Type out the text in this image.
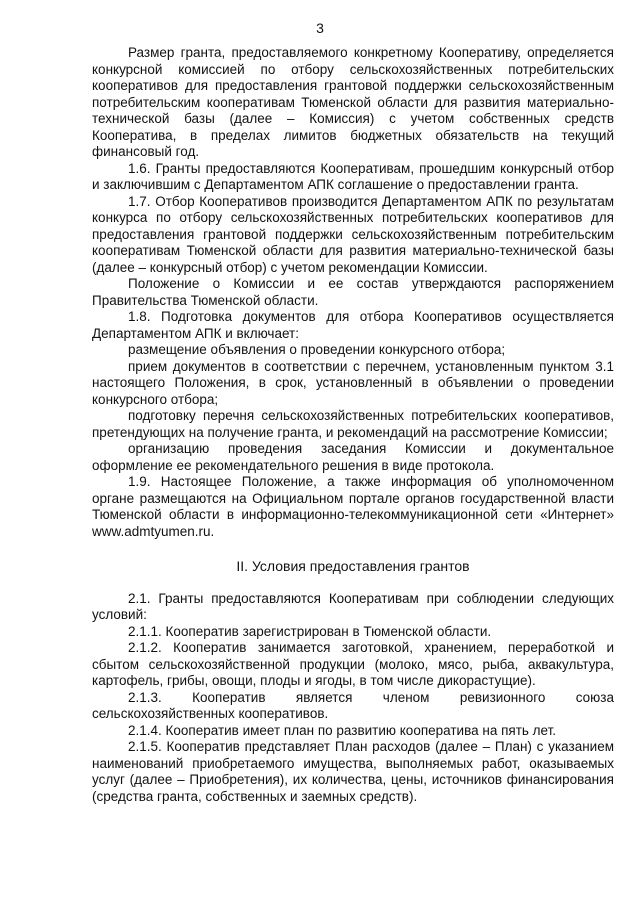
3

Размер гранта, предоставляемого конкретному Кооперативу, определяется конкурсной комиссией по отбору сельскохозяйственных потребительских кооперативов для предоставления грантовой поддержки сельскохозяйственным потребительским кооперативам Тюменской области для развития материально-технической базы (далее – Комиссия) с учетом собственных средств Кооператива, в пределах лимитов бюджетных обязательств на текущий финансовый год.

1.6. Гранты предоставляются Кооперативам, прошедшим конкурсный отбор и заключившим с Департаментом АПК соглашение о предоставлении гранта.

1.7. Отбор Кооперативов производится Департаментом АПК по результатам конкурса по отбору сельскохозяйственных потребительских кооперативов для предоставления грантовой поддержки сельскохозяйственным потребительским кооперативам Тюменской области для развития материально-технической базы (далее – конкурсный отбор) с учетом рекомендации Комиссии.

Положение о Комиссии и ее состав утверждаются распоряжением Правительства Тюменской области.

1.8. Подготовка документов для отбора Кооперативов осуществляется Департаментом АПК и включает:

размещение объявления о проведении конкурсного отбора;

прием документов в соответствии с перечнем, установленным пунктом 3.1 настоящего Положения, в срок, установленный в объявлении о проведении конкурсного отбора;

подготовку перечня сельскохозяйственных потребительских кооперативов, претендующих на получение гранта, и рекомендаций на рассмотрение Комиссии;

организацию проведения заседания Комиссии и документальное оформление ее рекомендательного решения в виде протокола.

1.9. Настоящее Положение, а также информация об уполномоченном органе размещаются на Официальном портале органов государственной власти Тюменской области в информационно-телекоммуникационной сети «Интернет» www.admtyumen.ru.

II. Условия предоставления грантов

2.1. Гранты предоставляются Кооперативам при соблюдении следующих условий:

2.1.1. Кооператив зарегистрирован в Тюменской области.

2.1.2. Кооператив занимается заготовкой, хранением, переработкой и сбытом сельскохозяйственной продукции (молоко, мясо, рыба, аквакультура, картофель, грибы, овощи, плоды и ягоды, в том числе дикорастущие).

2.1.3. Кооператив является членом ревизионного союза сельскохозяйственных кооперативов.

2.1.4. Кооператив имеет план по развитию кооператива на пять лет.

2.1.5. Кооператив представляет План расходов (далее – План) с указанием наименований приобретаемого имущества, выполняемых работ, оказываемых услуг (далее – Приобретения), их количества, цены, источников финансирования (средства гранта, собственных и заемных средств).
